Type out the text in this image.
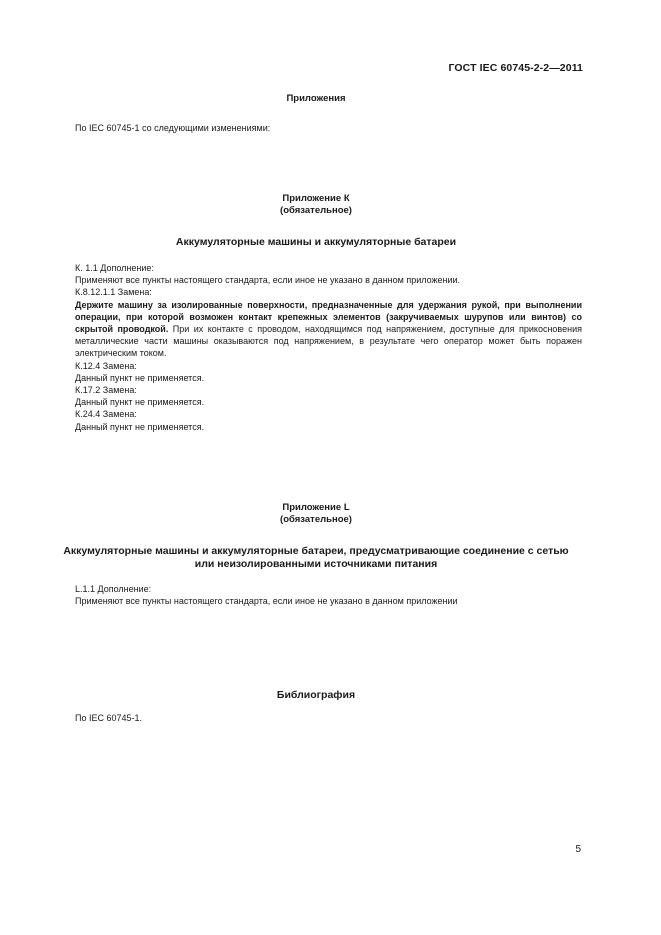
ГОСТ IEC 60745-2-2—2011
Приложения

По IEC 60745-1 со следующими изменениями:

Приложение К
(обязательное)
Аккумуляторные машины и аккумуляторные батареи

К. 1.1 Дополнение:

Применяют все пункты настоящего стандарта, если иное не указано в данном приложении.

К.8.12.1.1 Замена:

Держите машину за изолированные поверхности, предназначенные для удержания рукой, при выполнении операции, при которой возможен контакт крепежных элементов (закручиваемых шурупов или винтов) со скрытой проводкой. При их контакте с проводом, находящимся под напряжением, доступные для прикосновения металлические части машины оказываются под напряжением, в результате чего оператор может быть поражен электрическим током.

К.12.4 Замена:

Данный пункт не применяется.

К.17.2 Замена:

Данный пункт не применяется.

К.24.4 Замена:

Данный пункт не применяется.

Приложение L
(обязательное)
Аккумуляторные машины и аккумуляторные батареи, предусматривающие соединение с сетью
или неизолированными источниками питания

L.1.1 Дополнение:

Применяют все пункты настоящего стандарта, если иное не указано в данном приложении

Библиография

По IEC 60745-1.

5
